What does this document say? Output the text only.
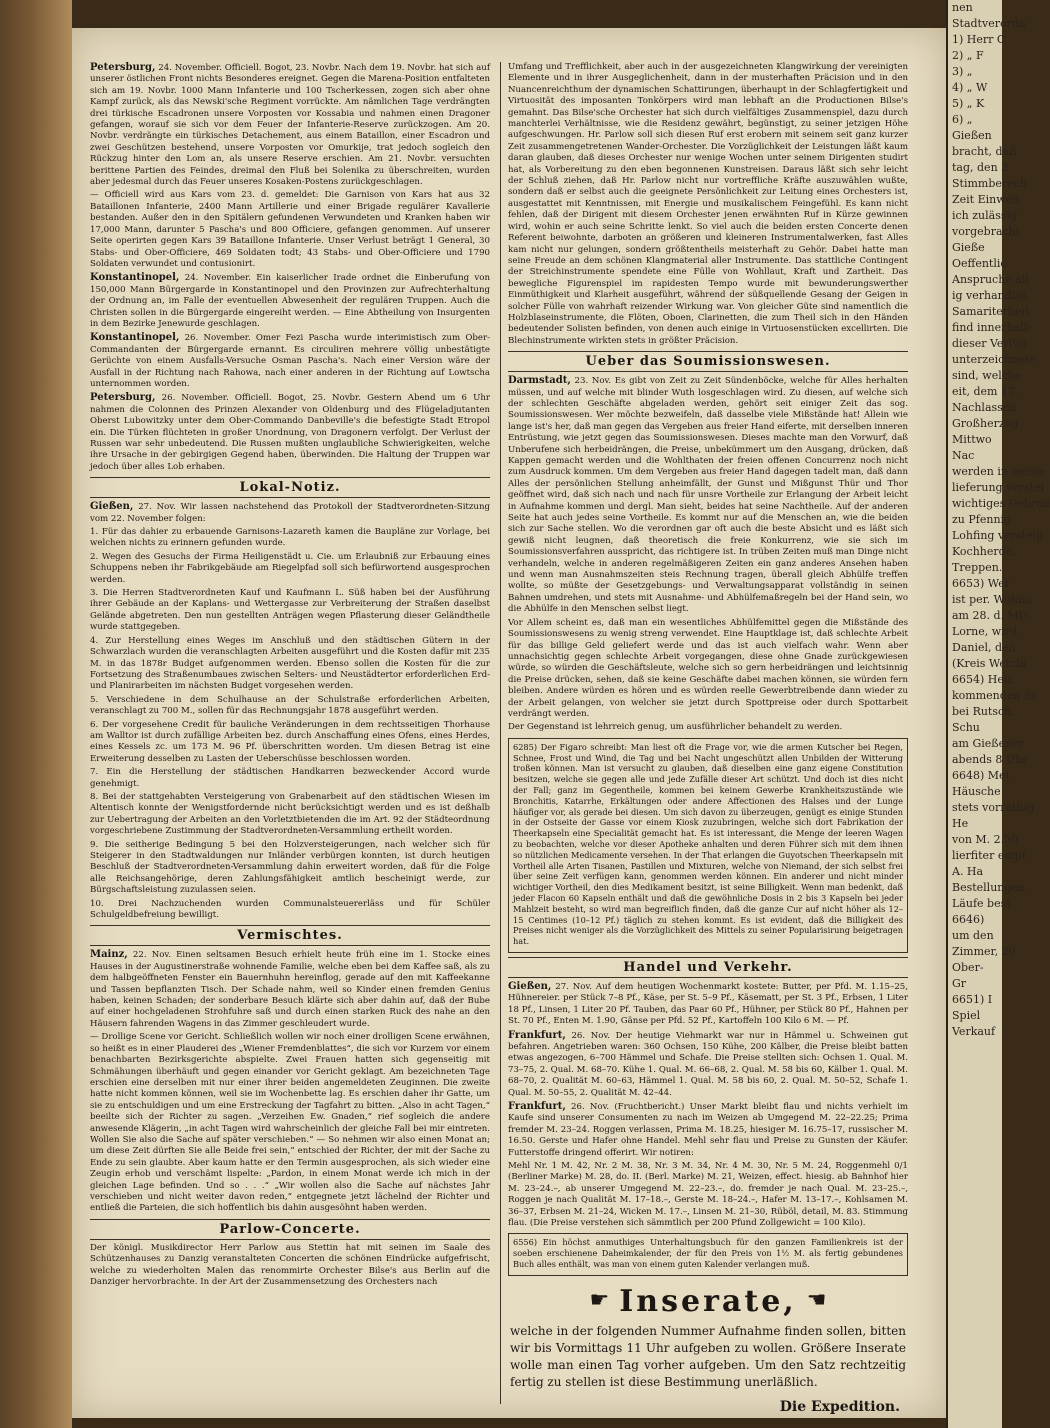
Petersburg, 24. November. Officiell. Bogot, 23. Novbr. Nach dem 19. Novbr. hat sich auf unserer östlichen Front nichts Besonderes ereignet. Gegen die Marena-Position entfalteten sich am 19. Novbr. 1000 Mann Infanterie und 100 Tscherkessen, zogen sich aber ohne Kampf zurück, als das Newski'sche Regiment vorrückte. Am nämlichen Tage verdrängten drei türkische Escadronen unsere Vorposten vor Kossabia und nahmen einen Dragoner gefangen, worauf sie sich vor dem Feuer der Infanterie-Reserve zurückzogen. Am 20. Novbr. verdrängte ein türkisches Detachement, aus einem Bataillon, einer Escadron und zwei Geschützen bestehend, unsere Vorposten vor Omurkije, trat jedoch sogleich den Rückzug hinter den Lom an, als unsere Reserve erschien. Am 21. Novbr. versuchten berittene Partien des Feindes, dreimal den Fluß bei Solenika zu überschreiten, wurden aber jedesmal durch das Feuer unseres Kosaken-Postens zurückgeschlagen.

— Officiell wird aus Kars vom 23. d. gemeldet: Die Garnison von Kars hat aus 32 Bataillonen Infanterie, 2400 Mann Artillerie und einer Brigade regulärer Kavallerie bestanden. Außer den in den Spitälern gefundenen Verwundeten und Kranken haben wir 17,000 Mann, darunter 5 Pascha's und 800 Officiere, gefangen genommen. Auf unserer Seite operirten gegen Kars 39 Bataillone Infanterie. Unser Verlust beträgt 1 General, 30 Stabs- und Ober-Officiere, 469 Soldaten todt; 43 Stabs- und Ober-Officiere und 1790 Soldaten verwundet und contusionirt.

Konstantinopel, 24. November. Ein kaiserlicher Irade ordnet die Einberufung von 150,000 Mann Bürgergarde in Konstantinopel und den Provinzen zur Aufrechterhaltung der Ordnung an, im Falle der eventuellen Abwesenheit der regulären Truppen. Auch die Christen sollen in die Bürgergarde eingereiht werden. — Eine Abtheilung von Insurgenten in dem Bezirke Jenewurde geschlagen.

Konstantinopel, 26. November. Omer Fezi Pascha wurde interimistisch zum Ober-Commandanten der Bürgergarde ernannt. Es circuliren mehrere völlig unbestätigte Gerüchte von einem Ausfalls-Versuche Osman Pascha's. Nach einer Version wäre der Ausfall in der Richtung nach Rahowa, nach einer anderen in der Richtung auf Lowtscha unternommen worden.

Petersburg, 26. November. Officiell. Bogot, 25. Novbr. Gestern Abend um 6 Uhr nahmen die Colonnen des Prinzen Alexander von Oldenburg und des Flügeladjutanten Oberst Lubowitzky unter dem Ober-Commando Danbeville's die befestigte Stadt Etropol ein. Die Türken flüchteten in großer Unordnung, von Dragonern verfolgt. Der Verlust der Russen war sehr unbedeutend. Die Russen mußten unglaubliche Schwierigkeiten, welche ihre Ursache in der gebirgigen Gegend haben, überwinden. Die Haltung der Truppen war jedoch über alles Lob erhaben.

Lokal-Notiz.

Gießen, 27. Nov. Wir lassen nachstehend das Protokoll der Stadtverordneten-Sitzung vom 22. November folgen:

1. Für das dahier zu erbauende Garnisons-Lazareth kamen die Baupläne zur Vorlage, bei welchen nichts zu erinnern gefunden wurde.

2. Wegen des Gesuchs der Firma Heiligenstädt u. Cie. um Erlaubniß zur Erbauung eines Schuppens neben ihr Fabrikgebäude am Riegelpfad soll sich befürwortend ausgesprochen werden.

3. Die Herren Stadtverordneten Kauf und Kaufmann L. Süß haben bei der Ausführung ihrer Gebäude an der Kaplans- und Wettergasse zur Verbreiterung der Straßen daselbst Gelände abgetreten. Den nun gestellten Anträgen wegen Pflasterung dieser Geländtheile wurde stattgegeben.

4. Zur Herstellung eines Weges im Anschluß und den städtischen Gütern in der Schwarzlach wurden die veranschlagten Arbeiten ausgeführt und die Kosten dafür mit 235 M. in das 1878r Budget aufgenommen werden. Ebenso sollen die Kosten für die zur Fortsetzung des Straßenumbaues zwischen Selters- und Neustädtertor erforderlichen Erd- und Planirarbeiten im nächsten Budget vorgesehen werden.

5. Verschiedene in dem Schulhause an der Schulstraße erforderlichen Arbeiten, veranschlagt zu 700 M., sollen für das Rechnungsjahr 1878 ausgeführt werden.

6. Der vorgesehene Credit für bauliche Veränderungen in dem rechtsseitigen Thorhause am Walltor ist durch zufällige Arbeiten bez. durch Anschaffung eines Ofens, eines Herdes, eines Kessels zc. um 173 M. 96 Pf. überschritten worden. Um diesen Betrag ist eine Erweiterung desselben zu Lasten der Ueberschüsse beschlossen worden.

7. Ein die Herstellung der städtischen Handkarren bezweckender Accord wurde genehmigt.

8. Bei der stattgehabten Versteigerung von Grabenarbeit auf den städtischen Wiesen im Altentisch konnte der Wenigstfordernde nicht berücksichtigt werden und es ist deßhalb zur Uebertragung der Arbeiten an den Vorletztbietenden die im Art. 92 der Städteordnung vorgeschriebene Zustimmung der Stadtverordneten-Versammlung ertheilt worden.

9. Die seitherige Bedingung 5 bei den Holzversteigerungen, nach welcher sich für Steigerer in den Stadtwaldungen nur Inländer verbürgen konnten, ist durch heutigen Beschluß der Stadtverordneten-Versammlung dahin erweitert worden, daß für die Folge alle Reichsangehörige, deren Zahlungsfähigkeit amtlich bescheinigt werde, zur Bürgschaftsleistung zuzulassen seien.

10. Drei Nachzuchenden wurden Communalsteuererläss und für Schüler Schulgeldbefreiung bewilligt.

Vermischtes.

Mainz, 22. Nov. Einen seltsamen Besuch erhielt heute früh eine im 1. Stocke eines Hauses in der Augustinerstraße wohnende Familie, welche eben bei dem Kaffee saß, als zu dem halbgeöffneten Fenster ein Bauernhuhn hereinflog, gerade auf den mit Kaffeekanne und Tassen bepflanzten Tisch. Der Schade nahm, weil so Kinder einen fremden Genius haben, keinen Schaden; der sonderbare Besuch klärte sich aber dahin auf, daß der Bube auf einer hochgeladenen Strohfuhre saß und durch einen starken Ruck des nahe an den Häusern fahrenden Wagens in das Zimmer geschleudert wurde.

— Drollige Scene vor Gericht. Schließlich wollen wir noch einer drolligen Scene erwähnen, so heißt es in einer Plauderei des „Wiener Fremdenblattes“, die sich vor Kurzem vor einem benachbarten Bezirksgerichte abspielte. Zwei Frauen hatten sich gegenseitig mit Schmähungen überhäuft und gegen einander vor Gericht geklagt. Am bezeichneten Tage erschien eine derselben mit nur einer ihrer beiden angemeldeten Zeuginnen. Die zweite hatte nicht kommen können, weil sie im Wochenbette lag. Es erschien daher ihr Gatte, um sie zu entschuldigen und um eine Erstreckung der Tagfahrt zu bitten. „Also in acht Tagen,“ beeilte sich der Richter zu sagen. „Verzeihen Ew. Gnaden,“ rief sogleich die andere anwesende Klägerin, „in acht Tagen wird wahrscheinlich der gleiche Fall bei mir eintreten. Wollen Sie also die Sache auf später verschieben.“ — So nehmen wir also einen Monat an; um diese Zeit dürften Sie alle Beide frei sein,“ entschied der Richter, der mit der Sache zu Ende zu sein glaubte. Aber kaum hatte er den Termin ausgesprochen, als sich wieder eine Zeugin erhob und verschämt lispelte: „Pardon, in einem Monat werde ich mich in der gleichen Lage befinden. Und so . . .“ „Wir wollen also die Sache auf nächstes Jahr verschieben und nicht weiter davon reden,“ entgegnete jetzt lächelnd der Richter und entließ die Parteien, die sich hoffentlich bis dahin ausgesöhnt haben werden.

Parlow-Concerte.

Der königl. Musikdirector Herr Parlow aus Stettin hat mit seinen im Saale des Schützenhauses zu Danzig veranstalteten Concerten die schönen Eindrücke aufgefrischt, welche zu wiederholten Malen das renommirte Orchester Bilse's aus Berlin auf die Danziger hervorbrachte. In der Art der Zusammensetzung des Orchesters nach

Umfang und Trefflichkeit, aber auch in der ausgezeichneten Klangwirkung der vereinigten Elemente und in ihrer Ausgeglichenheit, dann in der musterhaften Präcision und in den Nuancenreichthum der dynamischen Schattirungen, überhaupt in der Schlagfertigkeit und Virtuosität des imposanten Tonkörpers wird man lebhaft an die Productionen Bilse's gemahnt. Das Bilse'sche Orchester hat sich durch vielfältiges Zusammenspiel, dazu durch manchterlei Verhältnisse, wie die Residenz gewährt, begünstigt, zu seiner jetzigen Höhe aufgeschwungen. Hr. Parlow soll sich diesen Ruf erst erobern mit seinem seit ganz kurzer Zeit zusammengetretenen Wander-Orchester. Die Vorzüglichkeit der Leistungen läßt kaum daran glauben, daß dieses Orchester nur wenige Wochen unter seinem Dirigenten studirt hat, als Vorbereitung zu den eben begonnenen Kunstreisen. Daraus läßt sich sehr leicht der Schluß ziehen, daß Hr. Parlow nicht nur vortreffliche Kräfte auszuwählen wußte, sondern daß er selbst auch die geeignete Persönlichkeit zur Leitung eines Orchesters ist, ausgestattet mit Kenntnissen, mit Energie und musikalischem Feingefühl. Es kann nicht fehlen, daß der Dirigent mit diesem Orchester jenen erwähnten Ruf in Kürze gewinnen wird, wohin er auch seine Schritte lenkt. So viel auch die beiden ersten Concerte denen Referent beiwohnte, darboten an größeren und kleineren Instrumentalwerken, fast Alles kam nicht nur gelungen, sondern größtentheils meisterhaft zu Gehör. Dabei hatte man seine Freude an dem schönen Klangmaterial aller Instrumente. Das stattliche Contingent der Streichinstrumente spendete eine Fülle von Wohllaut, Kraft und Zartheit. Das bewegliche Figurenspiel im rapidesten Tempo wurde mit bewunderungswerther Einmüthigkeit und Klarheit ausgeführt, während der süßquellende Gesang der Geigen in solcher Fülle von wahrhaft reizender Wirkung war. Von gleicher Güte sind namentlich die Holzblaseinstrumente, die Flöten, Oboen, Clarinetten, die zum Theil sich in den Händen bedeutender Solisten befinden, von denen auch einige in Virtuosenstücken excellirten. Die Blechinstrumente wirkten stets in größter Präcision.

Ueber das Soumissionswesen.

Darmstadt, 23. Nov. Es gibt von Zeit zu Zeit Sündenböcke, welche für Alles herhalten müssen, und auf welche mit blinder Wuth losgeschlagen wird. Zu diesen, auf welche sich der schlechten Geschäfte abgeladen werden, gehört seit einiger Zeit das sog. Soumissionswesen. Wer möchte bezweifeln, daß dasselbe viele Mißstände hat! Allein wie lange ist's her, daß man gegen das Vergeben aus freier Hand eiferte, mit derselben inneren Entrüstung, wie jetzt gegen das Soumissionswesen. Dieses machte man den Vorwurf, daß Unberufene sich herbeidrängen, die Preise, unbekümmert um den Ausgang, drücken, daß Kappen gemacht werden und die Wohlthaten der freien offenen Concurrenz noch nicht zum Ausdruck kommen. Um dem Vergeben aus freier Hand dagegen tadelt man, daß dann Alles der persönlichen Stellung anheimfällt, der Gunst und Mißgunst Thür und Thor geöffnet wird, daß sich nach und nach für unsre Vortheile zur Erlangung der Arbeit leicht in Aufnahme kommen und dergl. Man sieht, beides hat seine Nachtheile. Auf der anderen Seite hat auch jedes seine Vortheile. Es kommt nur auf die Menschen an, wie die beiden sich zur Sache stellen. Wo die verordnen gar oft auch die beste Absicht und es läßt sich gewiß nicht leugnen, daß theoretisch die freie Konkurrenz, wie sie sich im Soumissionsverfahren ausspricht, das richtigere ist. In trüben Zeiten muß man Dinge nicht verhandeln, welche in anderen regelmäßigeren Zeiten ein ganz anderes Ansehen haben und wenn man Ausnahmszeiten steis Rechnung tragen, überall gleich Abhülfe treffen wollte, so müßte der Gesetzgebungs- und Verwaltungsapparat vollständig in seinen Bahnen umdrehen, und stets mit Ausnahme- und Abhülfemaßregeln bei der Hand sein, wo die Abhülfe in den Menschen selbst liegt.

Vor Allem scheint es, daß man ein wesentliches Abhülfemittel gegen die Mißstände des Soumissionswesens zu wenig streng verwendet. Eine Hauptklage ist, daß schlechte Arbeit für das billige Geld geliefert werde und das ist auch vielfach wahr. Wenn aber unnachsichtig gegen schlechte Arbeit vorgegangen, diese ohne Gnade zurückgewiesen würde, so würden die Geschäftsleute, welche sich so gern herbeidrängen und leichtsinnig die Preise drücken, sehen, daß sie keine Geschäfte dabei machen können, sie würden fern bleiben. Andere würden es hören und es würden reelle Gewerbtreibende dann wieder zu der Arbeit gelangen, von welcher sie jetzt durch Spottpreise oder durch Spottarbeit verdrängt werden.

Der Gegenstand ist lehrreich genug, um ausführlicher behandelt zu werden.

6285) Der Figaro schreibt: Man liest oft die Frage vor, wie die armen Kutscher bei Regen, Schnee, Frost und Wind, die Tag und bei Nacht ungeschützt allen Unbilden der Witterung troßen können. Man ist versucht zu glauben, daß dieselben eine ganz eigene Constitution besitzen, welche sie gegen alle und jede Zufälle dieser Art schützt. Und doch ist dies nicht der Fall; ganz im Gegentheile, kommen bei keinem Gewerbe Krankheitszustände wie Bronchitis, Katarrhe, Erkältungen oder andere Affectionen des Halses und der Lunge häufiger vor, als gerade bei diesen. Um sich davon zu überzeugen, genügt es einige Stunden in der Ostseite der Gasse vor einem Kiosk zuzubringen, welche sich dort Fabrikation der Theerkapseln eine Specialität gemacht hat. Es ist interessant, die Menge der leeren Wagen zu beobachten, welche vor dieser Apotheke anhalten und deren Führer sich mit dem ihnen so nützlichen Medicamente versehen. In der That erlangen die Guyotschen Theerkapseln mit Vortheil alle Arten Tisanen, Pastillen und Mixturen, welche von Niemand, der sich selbst frei über seine Zeit verfügen kann, genommen werden können. Ein anderer und nicht minder wichtiger Vortheil, den dies Medikament besitzt, ist seine Billigkeit. Wenn man bedenkt, daß jeder Flacon 60 Kapseln enthält und daß die gewöhnliche Dosis in 2 bis 3 Kapseln bei jeder Mahlzeit besteht, so wird man begreiflich finden, daß die ganze Cur auf nicht höher als 12–15 Centimes (10–12 Pf.) täglich zu stehen kommt. Es ist evident, daß die Billigkeit des Preises nicht weniger als die Vorzüglichkeit des Mittels zu seiner Popularisirung beigetragen hat.

Handel und Verkehr.

Gießen, 27. Nov. Auf dem heutigen Wochenmarkt kostete: Butter, per Pfd. M. 1.15–25, Hühnereier. per Stück 7–8 Pf., Käse, per St. 5–9 Pf., Käsematt, per St. 3 Pf., Erbsen, 1 Liter 18 Pf., Linsen, 1 Liter 20 Pf. Tauben, das Paar 60 Pf., Hühner, per Stück 80 Pf., Hahnen per St. 70 Pf., Enten M. 1.90, Gänse per Pfd. 52 Pf., Kartoffeln 100 Kilo 6 M. — Pf.

Frankfurt, 26. Nov. Der heutige Viehmarkt war nur in Hämmel u. Schweinen gut befahren. Angetrieben waren: 360 Ochsen, 150 Kühe, 200 Kälber, die Preise bleibt batten etwas angezogen, 6–700 Hämmel und Schafe. Die Preise stellten sich: Ochsen 1. Qual. M. 73–75, 2. Qual. M. 68–70. Kühe 1. Qual. M. 66–68, 2. Qual. M. 58 bis 60, Kälber 1. Qual. M. 68–70, 2. Qualität M. 60–63, Hämmel 1. Qual. M. 58 bis 60, 2. Qual. M. 50–52, Schafe 1. Qual. M. 50–55, 2. Qualität M. 42–44.

Frankfurt, 26. Nov. (Fruchtbericht.) Unser Markt bleibt flau und nichts verhielt im Kaufe sind unserer Consumenten zu nach im Weizen ab Umgegend M. 22–22.25; Prima fremder M. 23–24. Roggen verlassen, Prima M. 18.25, hiesiger M. 16.75–17, russischer M. 16.50. Gerste und Hafer ohne Handel. Mehl sehr flau und Preise zu Gunsten der Käufer. Futterstoffe dringend offerirt. Wir notiren:

Mehl Nr. 1 M. 42, Nr. 2 M. 38, Nr. 3 M. 34, Nr. 4 M. 30, Nr. 5 M. 24, Roggenmehl 0/1 (Berliner Marke) M. 28, do. II. (Berl. Marke) M. 21, Weizen, effect. hiesig. ab Bahnhof hier M. 23–24.–, ab unserer Umgegend M. 22–23.–, do. fremder je nach Qual. M. 23–25.–, Roggen je nach Qualität M. 17–18.–, Gerste M. 18–24.–, Hafer M. 13–17.–, Kohlsamen M. 36–37, Erbsen M. 21–24, Wicken M. 17.–, Linsen M. 21–30, Rüböl, detail, M. 83. Stimmung flau. (Die Preise verstehen sich sämmtlich per 200 Pfund Zollgewicht = 100 Kilo).

6556) Ein höchst anmuthiges Unterhaltungsbuch für den ganzen Familienkreis ist der soeben erschienene Daheimkalender, der für den Preis von 1½ M. als fertig gebundenes Buch alles enthält, was man von einem guten Kalender verlangen muß.

☛ Inserate, ☚
welche in der folgenden Nummer Aufnahme finden sollen, bitten wir bis Vormittags 11 Uhr aufgeben zu wollen. Größere Inserate wolle man einen Tag vorher aufgeben. Um den Satz rechtzeitig fertig zu stellen ist diese Bestimmung unerläßlich.
Die Expedition.
nen
Stadtverordn
1) Herr C
2) „ F
3) „
4) „ W
5) „ K
6) „
Gießen
bracht, daß
tag, den 3
Stimmberech
Zeit Einwen
ich zulässig
vorgebracht
Gieße
Oeffentlic
Anspruche all
ig verhandlut
Samariterheit
find innerhalb
dieser Verfüg
unterzeichnete
sind, welche
eit, dem 17.
Nachlassen
Großherzog
Mittwo
Nac
werden in meine
lieferung verstei
wichtiges Gebrau
zu Pfennig
Lohfing versteig
Kochherde,
Treppen.
6653) Wer
ist per. Wohnu
am 28. d. Mts.
Lorne, wird
Daniel, den
(Kreis Wetzla
6654) Hein
kommenden Sc
bei Rutsch,
Schu
am Gießener
abends 8 Uhr
6648) Mei
Häusche
stets vorräthig
He
von M. 2.50
lierfiter empf
A. Ha
Bestellungen
Läufe best
6646)
um den
Zimmer, 20
Ober-
Gr
6651) I
Spiel
Verkauf
